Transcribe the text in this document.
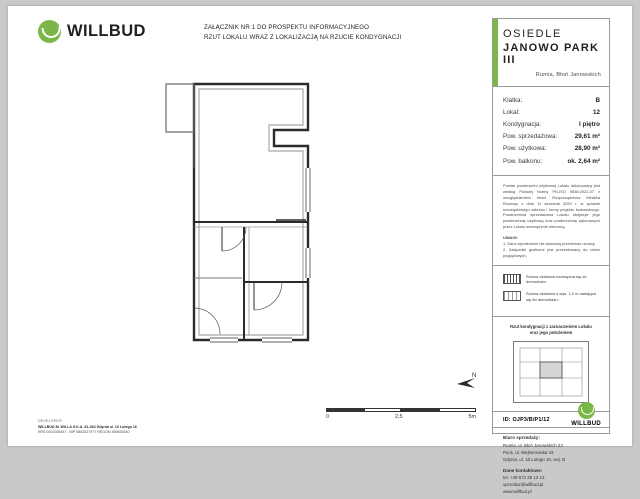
WILLBUD	ZAŁĄCZNIK NR 1 DO PROSPEKTU INFORMACYJNEGO
RZUT LOKALU WRAZ Z LOKALIZACJĄ NA RZUCIE KONDYGNACJI
N
0	2,5	5m
OSIEDLE
JANOWO PARK III
Rumia, Błoń Janowskich
Klatka:	B
Lokal:	12
Kondygnacja:	I piętro
Pow. sprzedażowa:	29,61 m²
Pow. użytkowa:	28,90 m²
Pow. balkonu:	ok. 2,64 m²
Pomiar powierzchni użytkowej Lokalu dokonywany jest według Polskiej Normy PN-ISO 9836:2022-07 z uwzględnieniem treści Rozporządzenia Ministra Rozwoju z dnia 11 września 2020 r. w sprawie szczegółowego zakresu i formy projektu budowlanego. Powierzchnia sprzedażowa Lokalu obejmuje jego powierzchnię użytkową oraz powierzchnię wykonanych przez Lokalu wewnętrznie wierzoną.
UWAGI:
1. Dane wymienione nie stanowią przedmiotu umowy.
2. Załączniki graficzne jest prezentowany do celów poglądowych.
Ściana działowa nadrzędna się do demontażu.
Ściana działowa o wys. 1,2 m nadająca się do demontażu.
Rzut kondygnacji z zaznaczeniem Lokalu
oraz jego położeniem
ID: OJP3/B/P1/12
Biuro sprzedaży:
Rumia, ul. Błoń Janowskich 23
Puck, ul. Wejherowska 43
Gdynia, ul. 10 Lutego 16, wej. B
Dane kontaktowe:
tel. +48 572 36 12 13
sprzedaz@willbud.pl
www.willbud.pl
WILLBUD
DEVELOPER:
WILLBUD M. WILLA S.K.A. 81-364 Gdynia ul. 10 Lutego 16
KRS 0001035447 , NIP 5862527977 REGON 369526340
